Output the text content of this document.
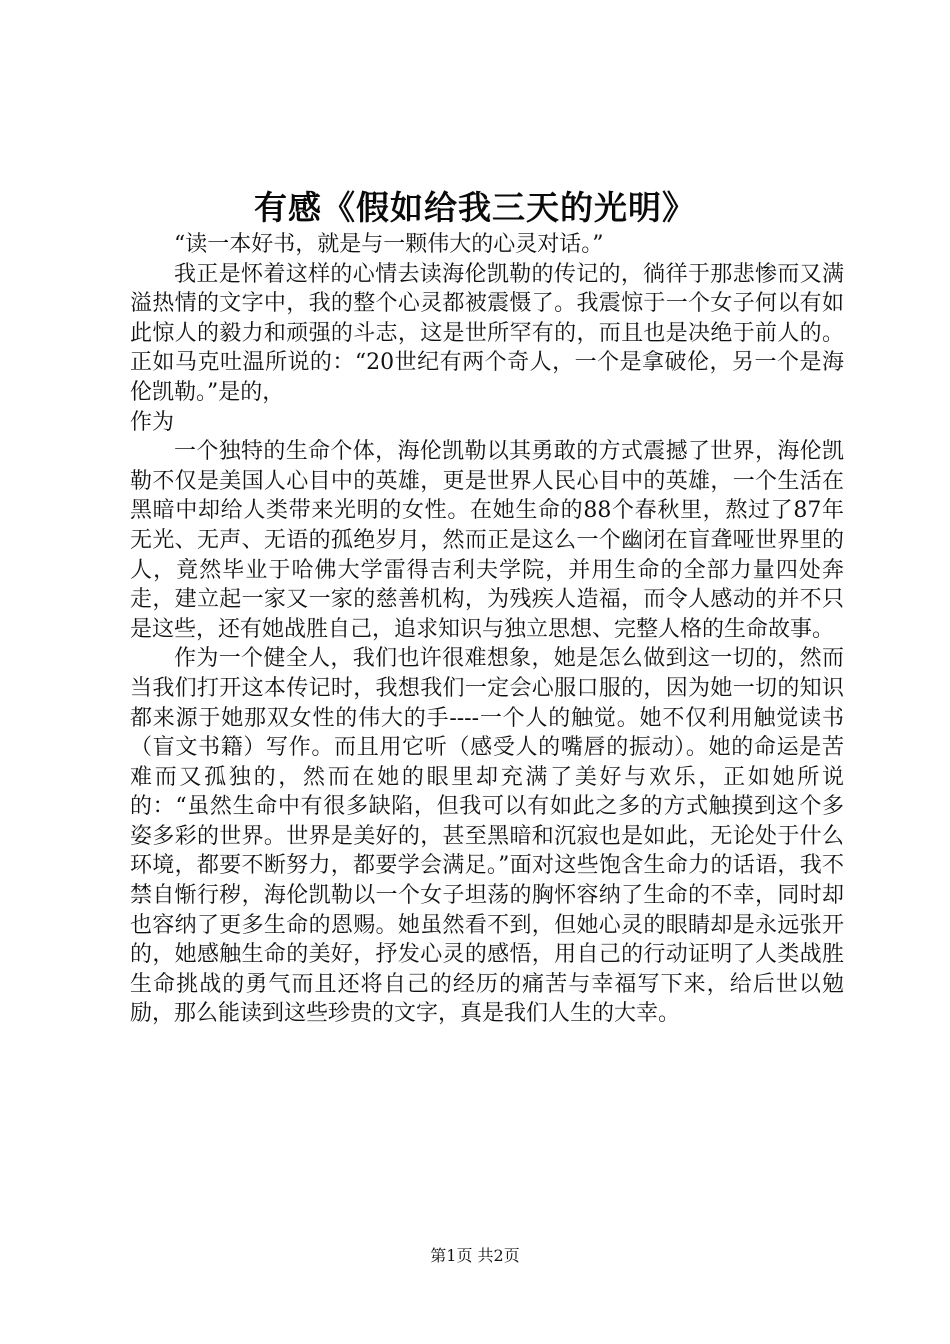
有感《假如给我三天的光明》

“读一本好书，就是与一颗伟大的心灵对话。”

我正是怀着这样的心情去读海伦凯勒的传记的，徜徉于那悲惨而又满溢热情的文字中，我的整个心灵都被震慑了。我震惊于一个女子何以有如此惊人的毅力和顽强的斗志，这是世所罕有的，而且也是决绝于前人的。正如马克吐温所说的：“20世纪有两个奇人，一个是拿破伦，另一个是海伦凯勒。”是的，

作为

一个独特的生命个体，海伦凯勒以其勇敢的方式震撼了世界，海伦凯勒不仅是美国人心目中的英雄，更是世界人民心目中的英雄，一个生活在黑暗中却给人类带来光明的女性。在她生命的88个春秋里，熬过了87年无光、无声、无语的孤绝岁月，然而正是这么一个幽闭在盲聋哑世界里的人，竟然毕业于哈佛大学雷得吉利夫学院，并用生命的全部力量四处奔走，建立起一家又一家的慈善机构，为残疾人造福，而令人感动的并不只是这些，还有她战胜自己，追求知识与独立思想、完整人格的生命故事。

作为一个健全人，我们也许很难想象，她是怎么做到这一切的，然而当我们打开这本传记时，我想我们一定会心服口服的，因为她一切的知识都来源于她那双女性的伟大的手----一个人的触觉。她不仅利用触觉读书（盲文书籍）写作。而且用它听（感受人的嘴唇的振动）。她的命运是苦难而又孤独的，然而在她的眼里却充满了美好与欢乐，正如她所说的：“虽然生命中有很多缺陷，但我可以有如此之多的方式触摸到这个多姿多彩的世界。世界是美好的，甚至黑暗和沉寂也是如此，无论处于什么环境，都要不断努力，都要学会满足。”面对这些饱含生命力的话语，我不禁自惭行秽，海伦凯勒以一个女子坦荡的胸怀容纳了生命的不幸，同时却也容纳了更多生命的恩赐。她虽然看不到，但她心灵的眼睛却是永远张开的，她感触生命的美好，抒发心灵的感悟，用自己的行动证明了人类战胜生命挑战的勇气而且还将自己的经历的痛苦与幸福写下来，给后世以勉励，那么能读到这些珍贵的文字，真是我们人生的大幸。

第1页 共2页
